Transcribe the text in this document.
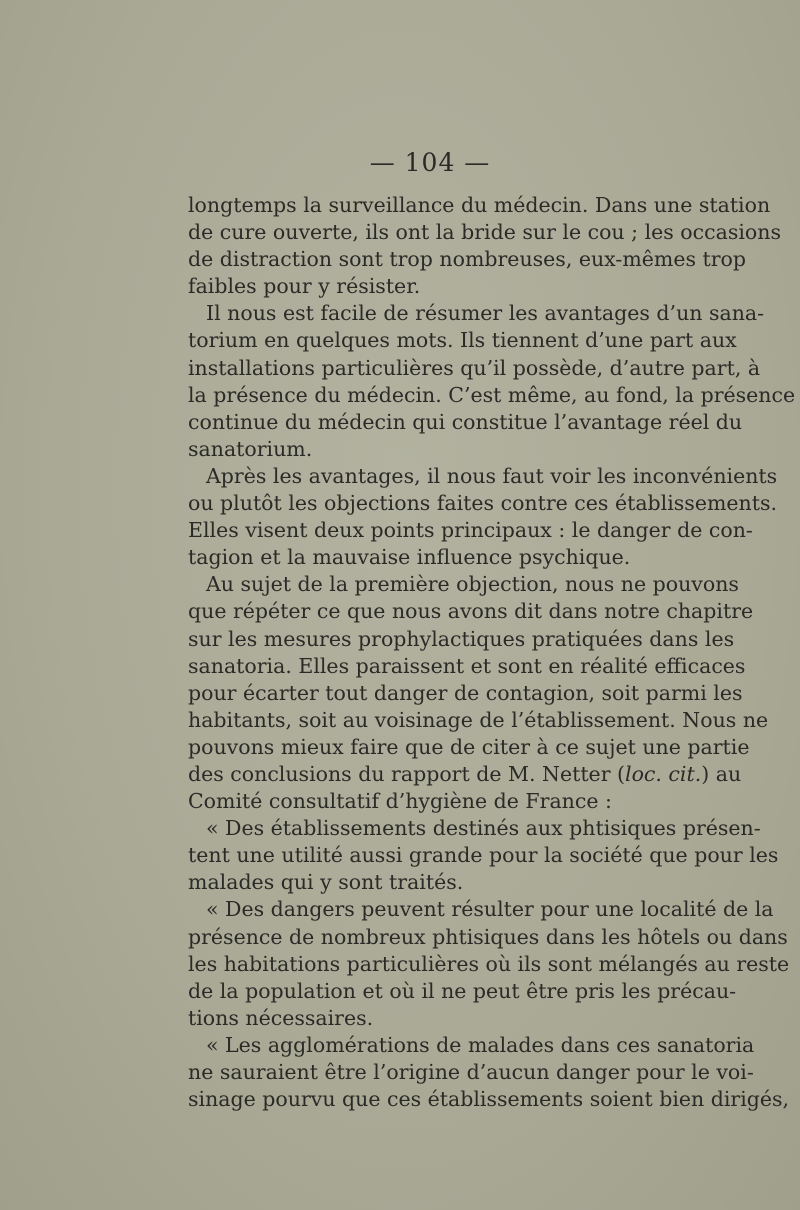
— 104 —
longtemps la surveillance du médecin. Dans une station
de cure ouverte, ils ont la bride sur le cou ; les occasions
de distraction sont trop nombreuses, eux-mêmes trop
faibles pour y résister.
Il nous est facile de résumer les avantages d’un sana-
torium en quelques mots. Ils tiennent d’une part aux
installations particulières qu’il possède, d’autre part, à
la présence du médecin. C’est même, au fond, la présence
continue du médecin qui constitue l’avantage réel du
sanatorium.
Après les avantages, il nous faut voir les inconvénients
ou plutôt les objections faites contre ces établissements.
Elles visent deux points principaux : le danger de con-
tagion et la mauvaise influence psychique.
Au sujet de la première objection, nous ne pouvons
que répéter ce que nous avons dit dans notre chapitre
sur les mesures prophylactiques pratiquées dans les
sanatoria. Elles paraissent et sont en réalité efficaces
pour écarter tout danger de contagion, soit parmi les
habitants, soit au voisinage de l’établissement. Nous ne
pouvons mieux faire que de citer à ce sujet une partie
des conclusions du rapport de M. Netter (loc. cit.) au
Comité consultatif d’hygiène de France :
« Des établissements destinés aux phtisiques présen-
tent une utilité aussi grande pour la société que pour les
malades qui y sont traités.
« Des dangers peuvent résulter pour une localité de la
présence de nombreux phtisiques dans les hôtels ou dans
les habitations particulières où ils sont mélangés au reste
de la population et où il ne peut être pris les précau-
tions nécessaires.
« Les agglomérations de malades dans ces sanatoria
ne sauraient être l’origine d’aucun danger pour le voi-
sinage pourvu que ces établissements soient bien dirigés,
